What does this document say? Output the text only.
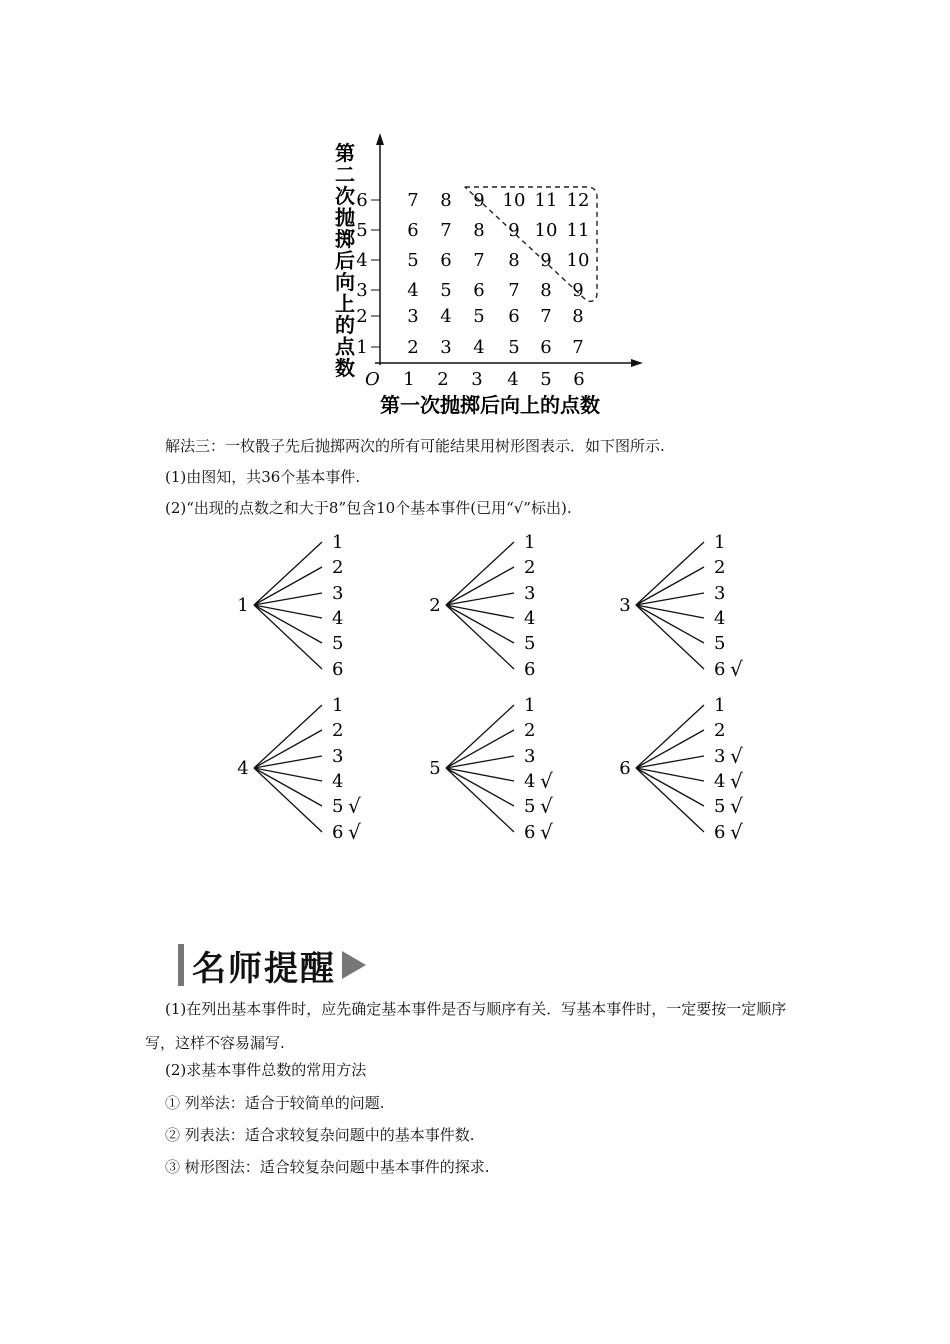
第
二
次
抛
掷
后
向
上
的
点
数 O
1
2
3
4
5
6
1 2 3 4 5 6
7 8 9 10 11 12
6 7 8 9 10 11
5 6 7 8 9 10
4 5 6 7 8 9
3 4 5 6 7 8
2 3 4 5 6 7
第一次抛掷后向上的点数

解法三：一枚骰子先后抛掷两次的所有可能结果用树形图表示．如下图所示.

(1)由图知，共36个基本事件.

(2)“出现的点数之和大于8”包含10个基本事件(已用“√”标出).

1
1
2
3
4
5
6
2
1
2
3
4
5
6
3
1
2
3
4
5
6 √
4
1
2
3
4
5 √
6 √
5
1
2
3
4 √
5 √
6 √
6
1
2
3 √
4 √
5 √
6 √
名师提醒

(1)在列出基本事件时，应先确定基本事件是否与顺序有关．写基本事件时，一定要按一定顺序写，这样不容易漏写.

(2)求基本事件总数的常用方法

① 列举法：适合于较简单的问题.

② 列表法：适合求较复杂问题中的基本事件数.

③ 树形图法：适合较复杂问题中基本事件的探求.
